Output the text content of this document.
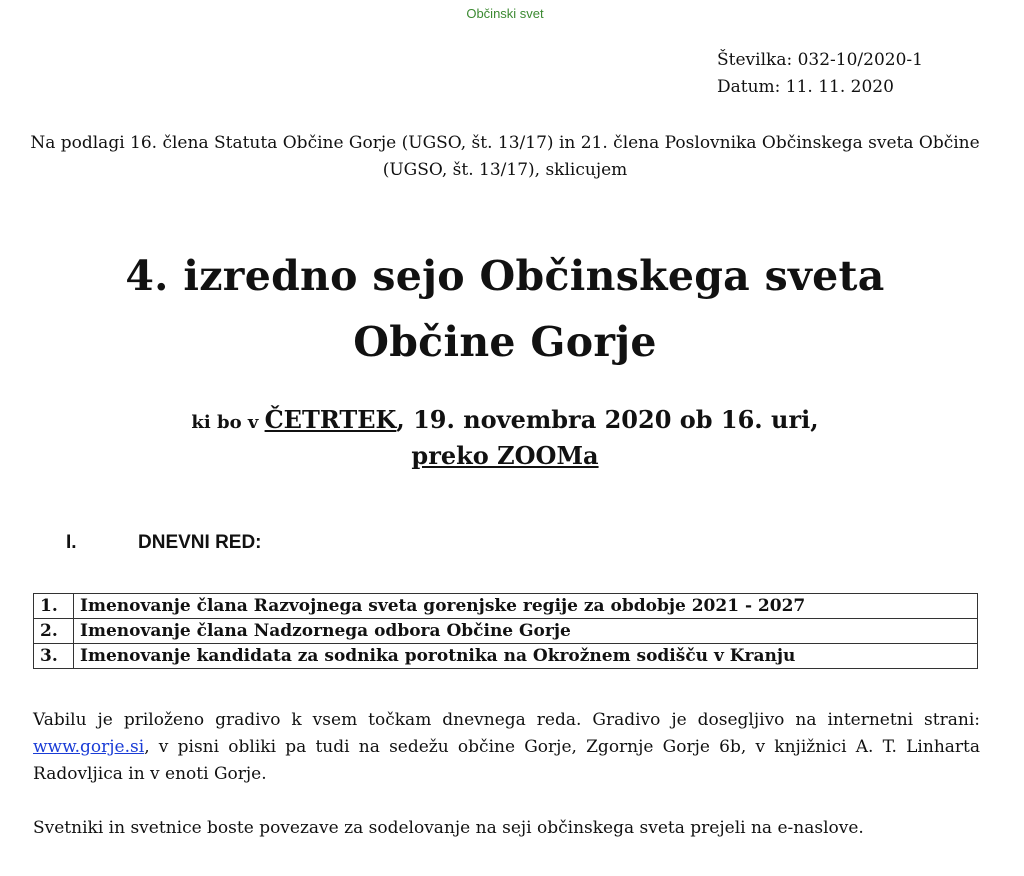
Občinski svet
Številka: 032-10/2020-1
Datum: 11. 11. 2020
Na podlagi 16. člena Statuta Občine Gorje (UGSO, št. 13/17) in 21. člena Poslovnika Občinskega sveta Občine (UGSO, št. 13/17), sklicujem
4. izredno sejo Občinskega sveta
Občine Gorje
ki bo v ČETRTEK, 19. novembra 2020 ob 16. uri,
preko ZOOMa
I.	DNEVNI RED:
1.	Imenovanje člana Razvojnega sveta gorenjske regije za obdobje 2021 - 2027
2.	Imenovanje člana Nadzornega odbora Občine Gorje
3.	Imenovanje kandidata za sodnika porotnika na Okrožnem sodišču v Kranju
Vabilu je priloženo gradivo k vsem točkam dnevnega reda. Gradivo je dosegljivo na internetni strani: www.gorje.si, v pisni obliki pa tudi na sedežu občine Gorje, Zgornje Gorje 6b, v knjižnici A. T. Linharta Radovljica in v enoti Gorje.
Svetniki in svetnice boste povezave za sodelovanje na seji občinskega sveta prejeli na e-naslove.
